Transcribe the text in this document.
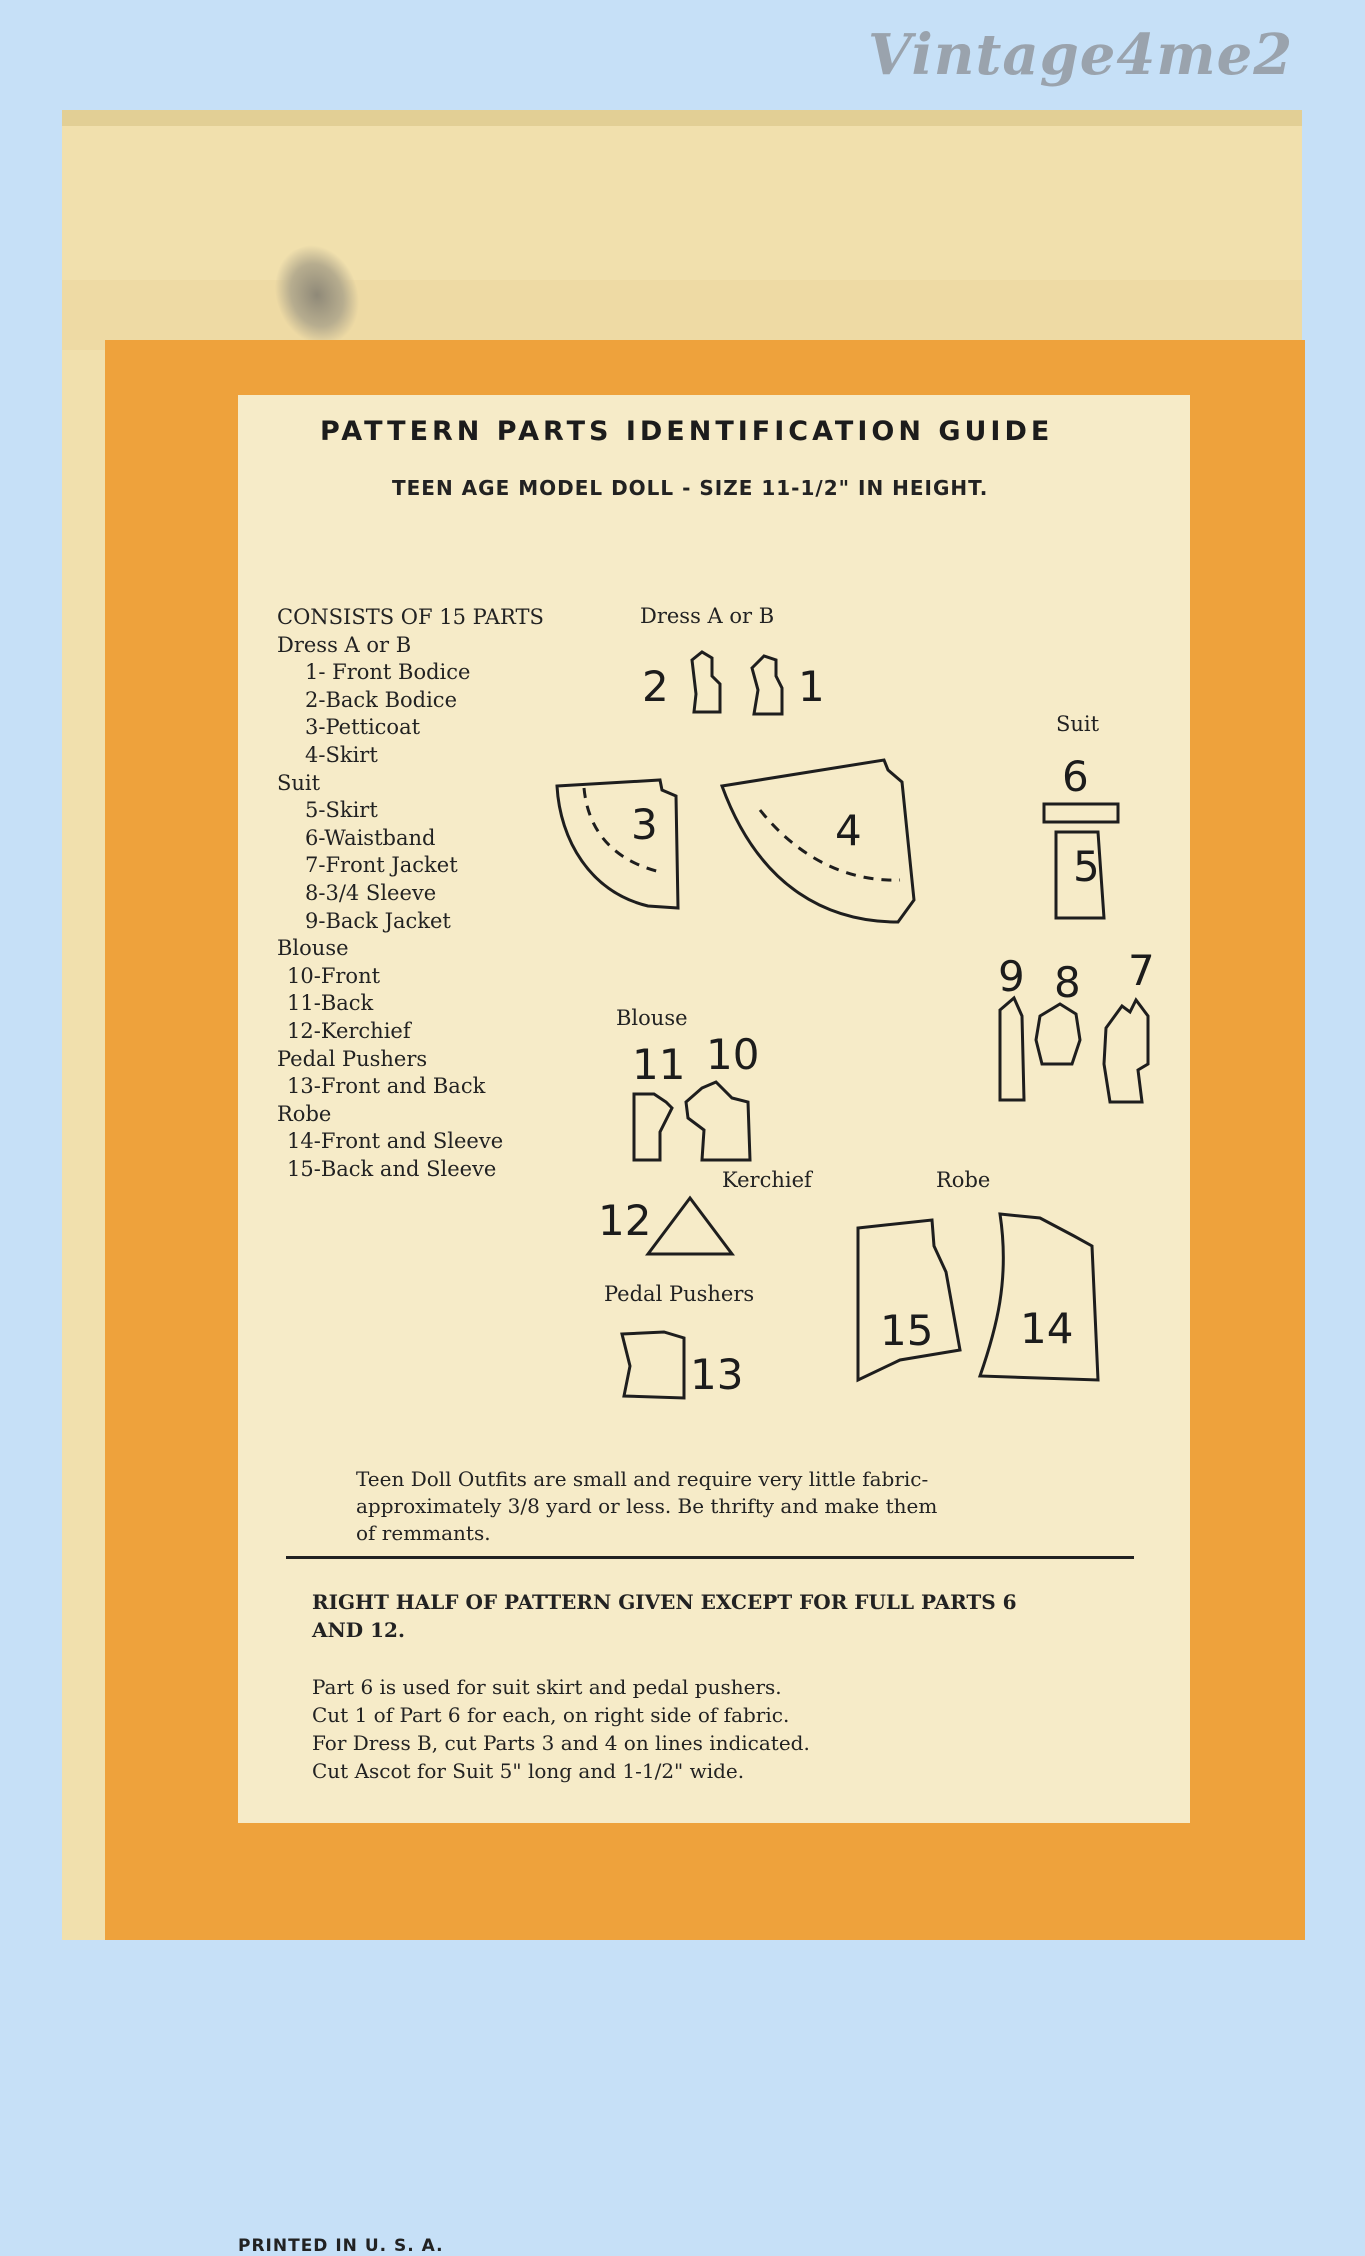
Vintage4me2
PATTERN PARTS IDENTIFICATION GUIDE
TEEN AGE MODEL DOLL - SIZE 11-1/2" IN HEIGHT.
CONSISTS OF 15 PARTS
Dress A or B
1- Front Bodice
2-Back Bodice
3-Petticoat
4-Skirt
Suit
5-Skirt
6-Waistband
7-Front Jacket
8-3/4 Sleeve
9-Back Jacket
Blouse
10-Front
11-Back
12-Kerchief
Pedal Pushers
13-Front and Back
Robe
14-Front and Sleeve
15-Back and Sleeve
Dress A or B
Suit
Blouse
Kerchief	Robe
Pedal Pushers
2	1
3	4
6
5
9 8 7
11 10
12
13
15 14
Teen Doll Outfits are small and require very little fabric-
approximately 3/8 yard or less. Be thrifty and make them
of remmants.
RIGHT HALF OF PATTERN GIVEN EXCEPT FOR FULL PARTS 6
AND 12.
Part 6 is used for suit skirt and pedal pushers.
Cut 1 of Part 6 for each, on right side of fabric.
For Dress B, cut Parts 3 and 4 on lines indicated.
Cut Ascot for Suit 5" long and 1-1/2" wide.
PRINTED IN U. S. A.
